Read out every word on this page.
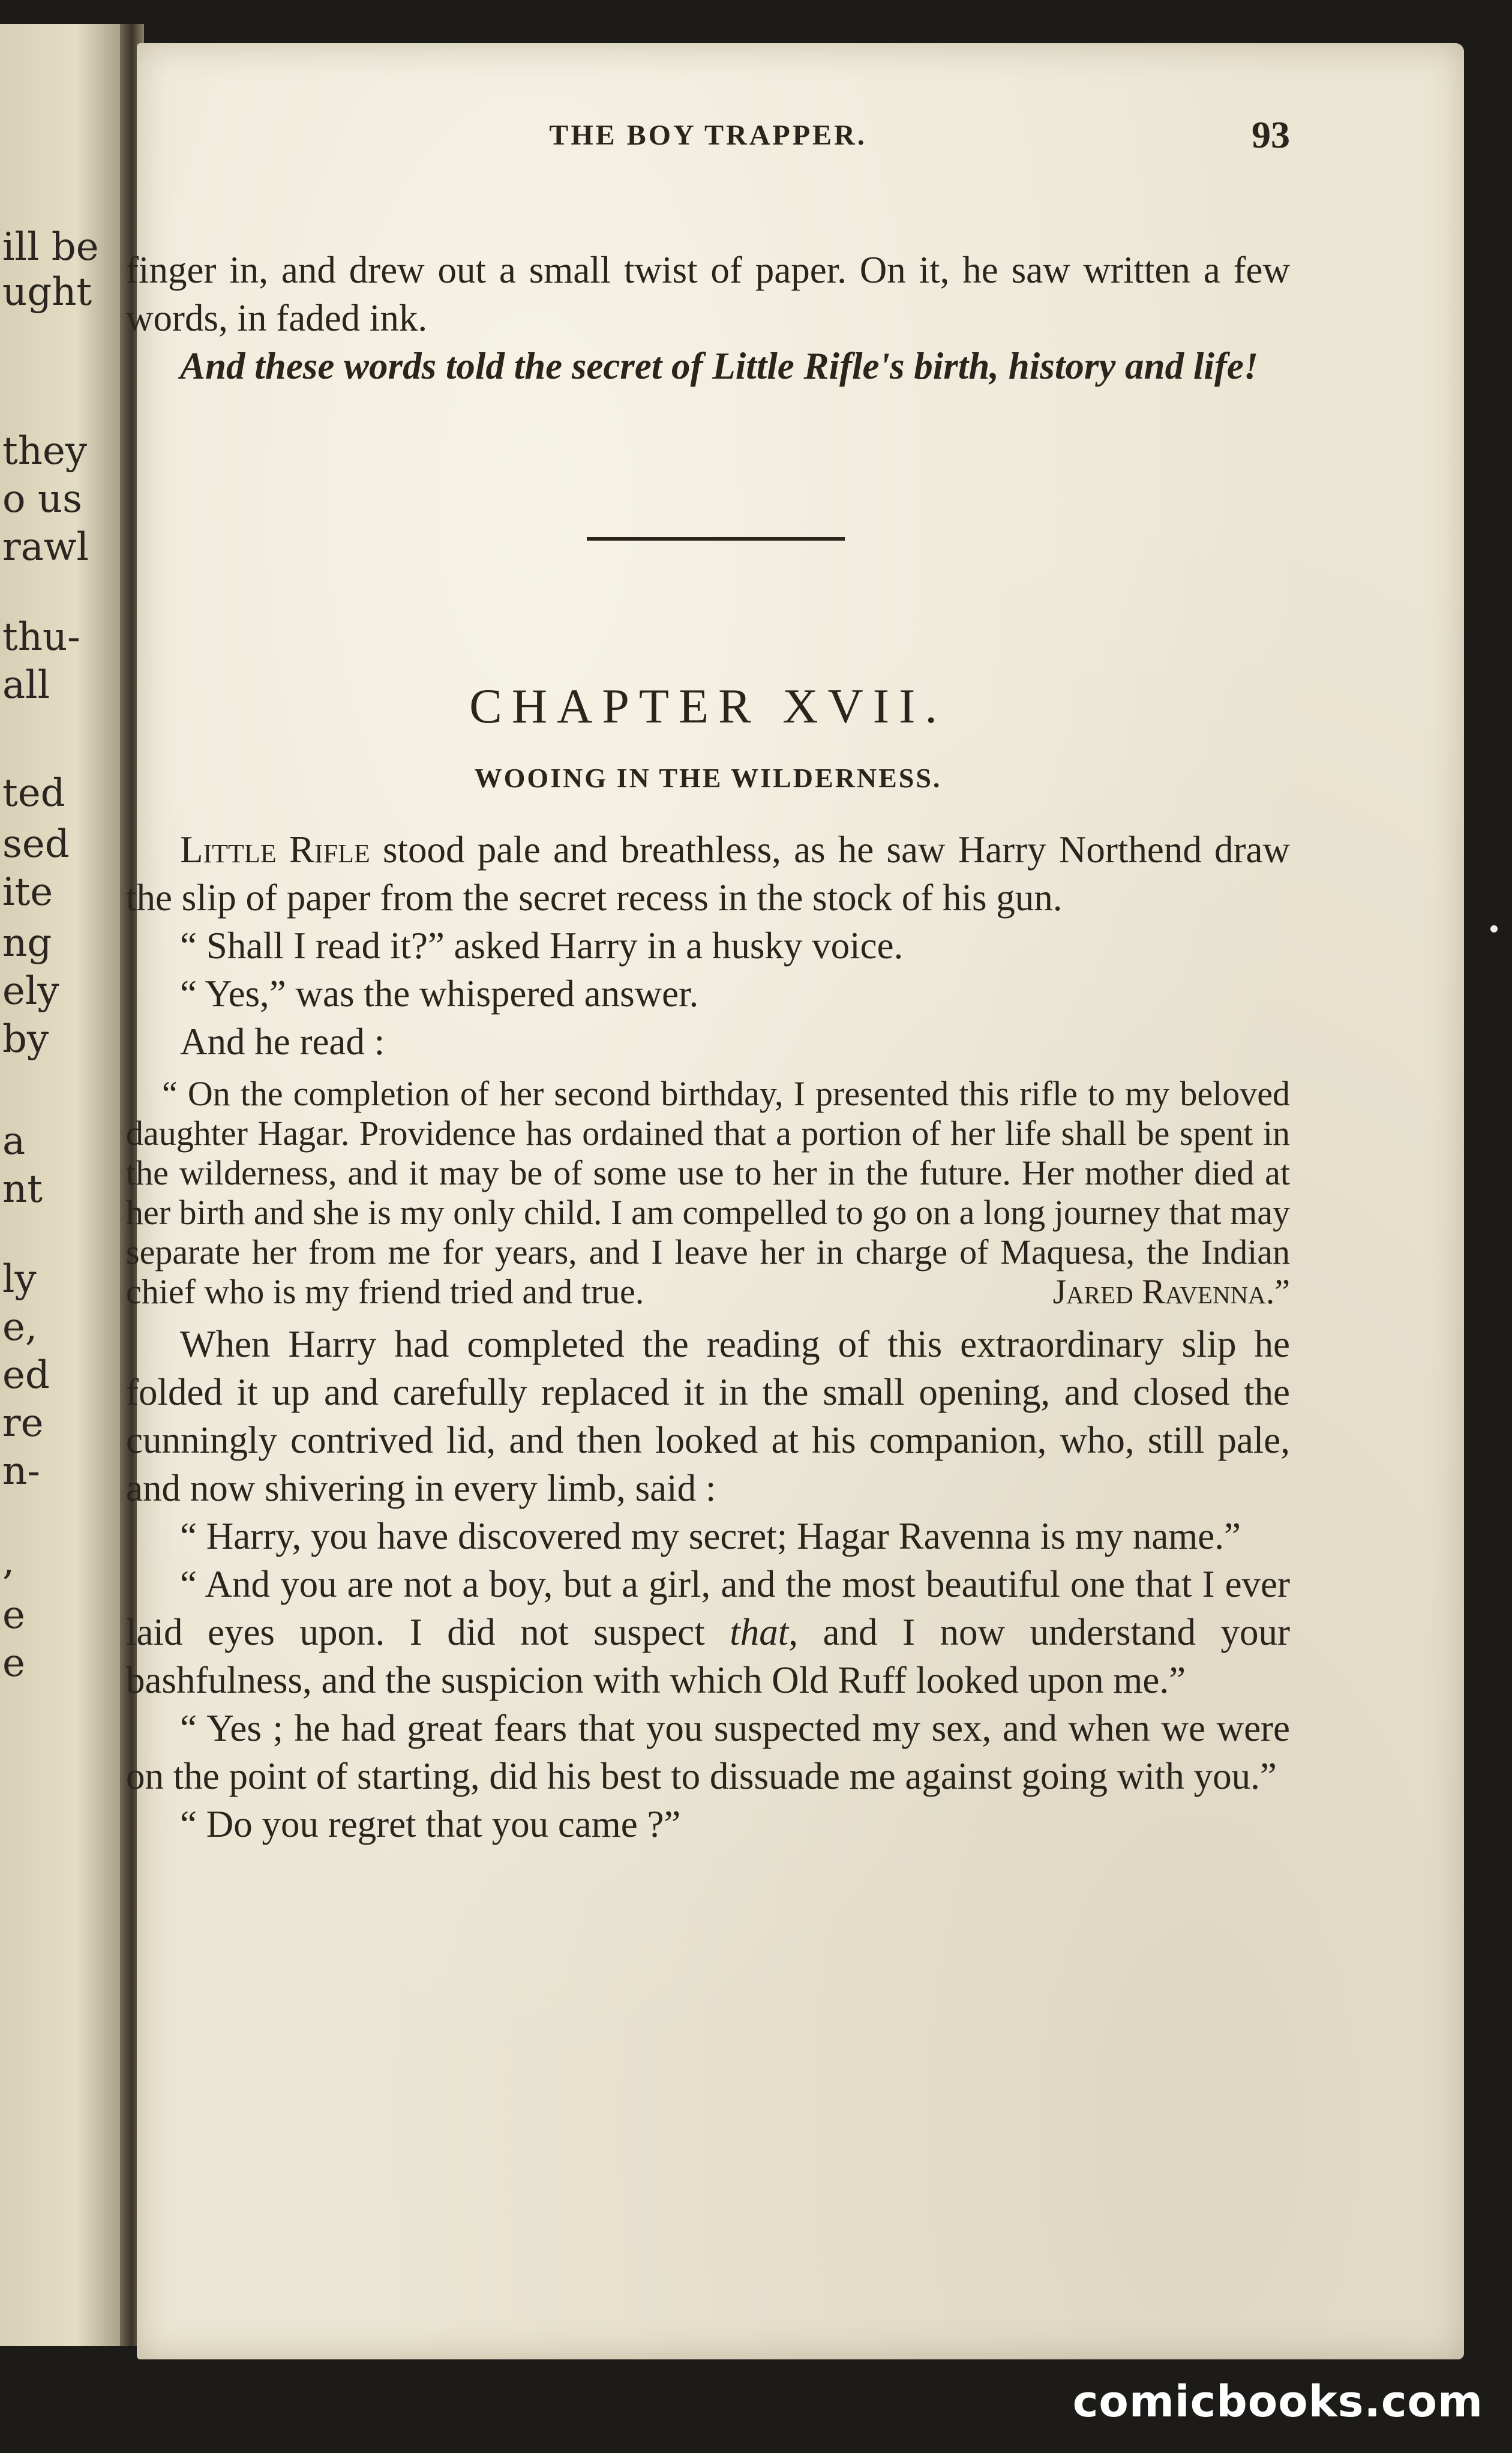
ill be
ught
they
o us
rawl
thu-
all
ted
sed
ite
ng
ely
by
a
nt
ly
e,
ed
re
n-
,
e
e
THE BOY TRAPPER.	93

finger in, and drew out a small twist of paper. On it, he saw written a few words, in faded ink.

And these words told the secret of Little Rifle's birth, history and life!

CHAPTER XVII.
WOOING IN THE WILDERNESS.

Little Rifle stood pale and breathless, as he saw Harry Northend draw the slip of paper from the secret recess in the stock of his gun.

“ Shall I read it?” asked Harry in a husky voice.

“ Yes,” was the whispered answer.

And he read :

“ On the completion of her second birthday, I presented this rifle to my beloved daughter Hagar. Providence has ordained that a portion of her life shall be spent in the wilderness, and it may be of some use to her in the future. Her mother died at her birth and she is my only child. I am compelled to go on a long journey that may separate her from me for years, and I leave her in charge of Maquesa, the Indian chief who is my friend tried and true.	Jared Ravenna.”

When Harry had completed the reading of this extraordinary slip he folded it up and carefully replaced it in the small opening, and closed the cunningly contrived lid, and then looked at his companion, who, still pale, and now shivering in every limb, said :

“ Harry, you have discovered my secret; Hagar Ravenna is my name.”

“ And you are not a boy, but a girl, and the most beautiful one that I ever laid eyes upon. I did not suspect that, and I now understand your bashfulness, and the suspicion with which Old Ruff looked upon me.”

“ Yes ; he had great fears that you suspected my sex, and when we were on the point of starting, did his best to dissuade me against going with you.”

“ Do you regret that you came ?”

comicbooks.com
